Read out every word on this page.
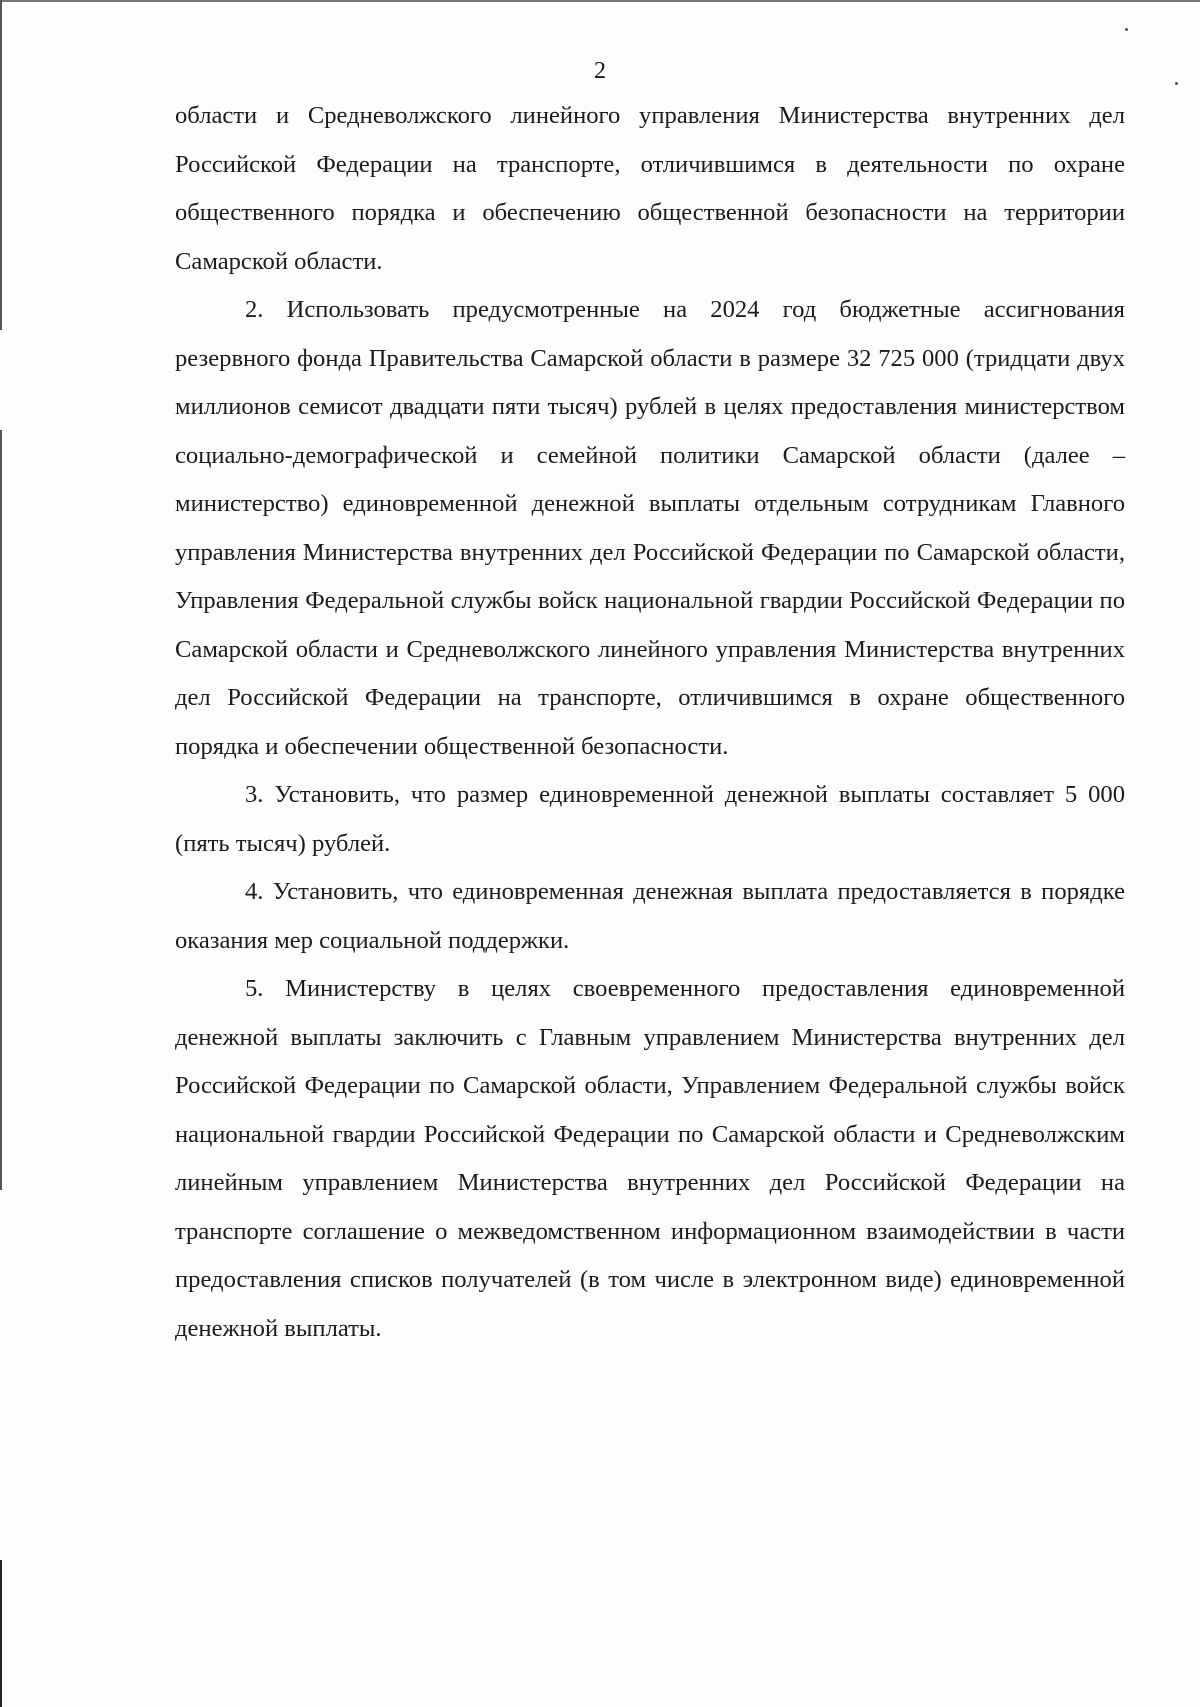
2

области и Средневолжского линейного управления Министерства внутренних дел Российской Федерации на транспорте, отличившимся в деятельности по охране общественного порядка и обеспечению общественной безопасности на территории Самарской области.

2. Использовать предусмотренные на 2024 год бюджетные ассигнования резервного фонда Правительства Самарской области в размере 32 725 000 (тридцати двух миллионов семисот двадцати пяти тысяч) рублей в целях предоставления министерством социально-демографической и семейной политики Самарской области (далее – министерство) единовременной денежной выплаты отдельным сотрудникам Главного управления Министерства внутренних дел Российской Федерации по Самарской области, Управления Федеральной службы войск национальной гвардии Российской Федерации по Самарской области и Средневолжского линейного управления Министерства внутренних дел Российской Федерации на транспорте, отличившимся в охране общественного порядка и обеспечении общественной безопасности.

3. Установить, что размер единовременной денежной выплаты составляет 5 000 (пять тысяч) рублей.

4. Установить, что единовременная денежная выплата предоставляется в порядке оказания мер социальной поддержки.

5. Министерству в целях своевременного предоставления единовременной денежной выплаты заключить с Главным управлением Министерства внутренних дел Российской Федерации по Самарской области, Управлением Федеральной службы войск национальной гвардии Российской Федерации по Самарской области и Средневолжским линейным управлением Министерства внутренних дел Российской Федерации на транспорте соглашение о межведомственном информационном взаимодействии в части предоставления списков получателей (в том числе в электронном виде) единовременной денежной выплаты.
